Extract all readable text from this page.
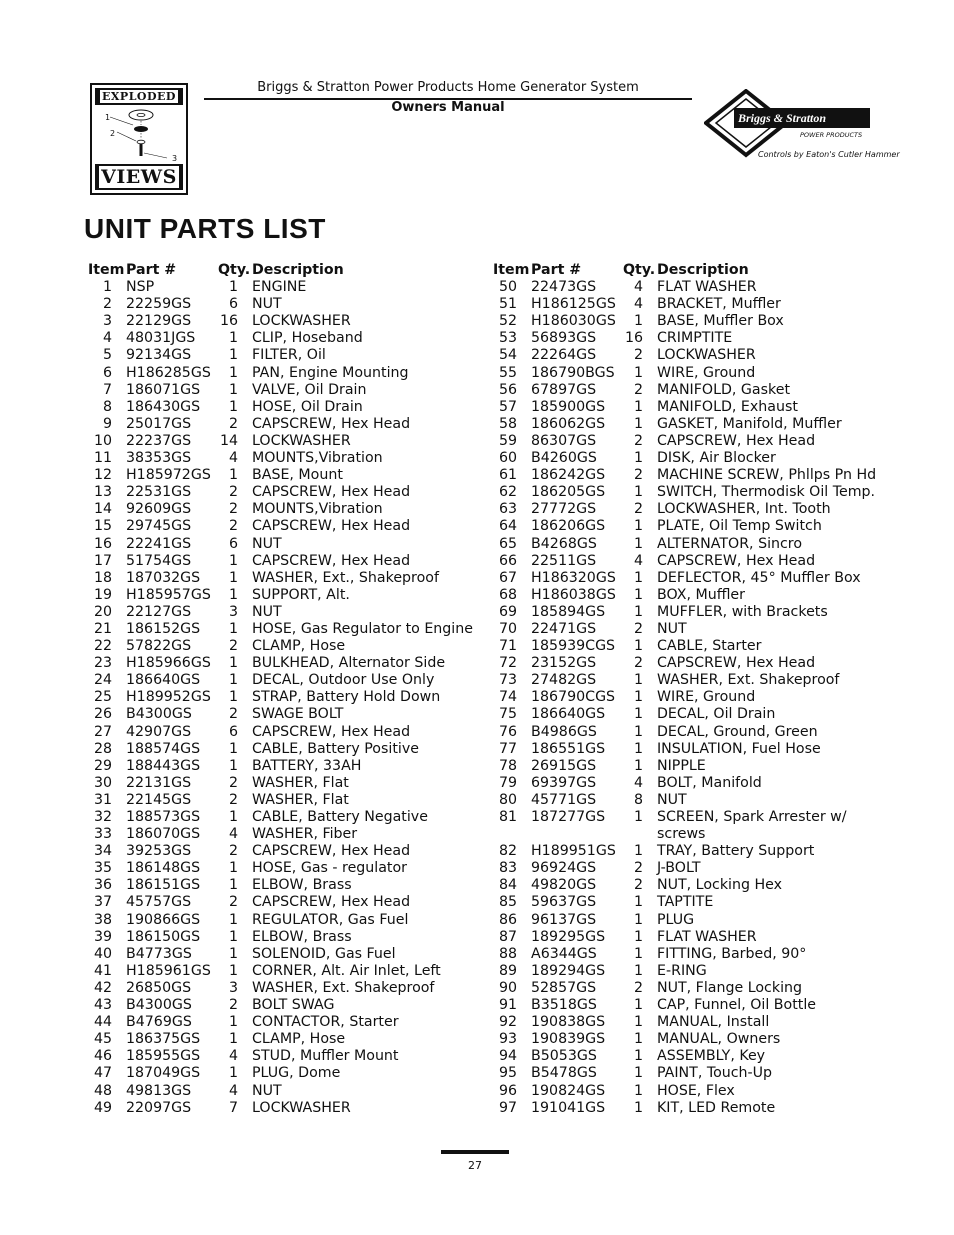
EXPLODED
1
2
3
VIEWS
Briggs & Stratton Power Products Home Generator System
Owners Manual
Briggs & Stratton
POWER PRODUCTS
Controls by Eaton's Cutler Hammer
UNIT PARTS LIST
Item Part #	Qty. Description
1 NSP	1 ENGINE
2 22259GS	6 NUT
3 22129GS	16 LOCKWASHER
4 48031JGS	1 CLIP, Hoseband
5 92134GS	1 FILTER, Oil
6 H186285GS	1 PAN, Engine Mounting
7 186071GS	1 VALVE, Oil Drain
8 186430GS	1 HOSE, Oil Drain
9 25017GS	2 CAPSCREW, Hex Head
10 22237GS	14 LOCKWASHER
11 38353GS	4 MOUNTS,Vibration
12 H185972GS	1 BASE, Mount
13 22531GS	2 CAPSCREW, Hex Head
14 92609GS	2 MOUNTS,Vibration
15 29745GS	2 CAPSCREW, Hex Head
16 22241GS	6 NUT
17 51754GS	1 CAPSCREW, Hex Head
18 187032GS	1 WASHER, Ext., Shakeproof
19 H185957GS	1 SUPPORT, Alt.
20 22127GS	3 NUT
21 186152GS	1 HOSE, Gas Regulator to Engine
22 57822GS	2 CLAMP, Hose
23 H185966GS	1 BULKHEAD, Alternator Side
24 186640GS	1 DECAL, Outdoor Use Only
25 H189952GS	1 STRAP, Battery Hold Down
26 B4300GS	2 SWAGE BOLT
27 42907GS	6 CAPSCREW, Hex Head
28 188574GS	1 CABLE, Battery Positive
29 188443GS	1 BATTERY, 33AH
30 22131GS	2 WASHER, Flat
31 22145GS	2 WASHER, Flat
32 188573GS	1 CABLE, Battery Negative
33 186070GS	4 WASHER, Fiber
34 39253GS	2 CAPSCREW, Hex Head
35 186148GS	1 HOSE, Gas - regulator
36 186151GS	1 ELBOW, Brass
37 45757GS	2 CAPSCREW, Hex Head
38 190866GS	1 REGULATOR, Gas Fuel
39 186150GS	1 ELBOW, Brass
40 B4773GS	1 SOLENOID, Gas Fuel
41 H185961GS	1 CORNER, Alt. Air Inlet, Left
42 26850GS	3 WASHER, Ext. Shakeproof
43 B4300GS	2 BOLT SWAG
44 B4769GS	1 CONTACTOR, Starter
45 186375GS	1 CLAMP, Hose
46 185955GS	4 STUD, Muffler Mount
47 187049GS	1 PLUG, Dome
48 49813GS	4 NUT
49 22097GS	7 LOCKWASHER
Item Part #	Qty. Description
50 22473GS	4 FLAT WASHER
51 H186125GS	4 BRACKET, Muffler
52 H186030GS	1 BASE, Muffler Box
53 56893GS	16 CRIMPTITE
54 22264GS	2 LOCKWASHER
55 186790BGS	1 WIRE, Ground
56 67897GS	2 MANIFOLD, Gasket
57 185900GS	1 MANIFOLD, Exhaust
58 186062GS	1 GASKET, Manifold, Muffler
59 86307GS	2 CAPSCREW, Hex Head
60 B4260GS	1 DISK, Air Blocker
61 186242GS	2 MACHINE SCREW, Phllps Pn Hd
62 186205GS	1 SWITCH, Thermodisk Oil Temp.
63 27772GS	2 LOCKWASHER, Int. Tooth
64 186206GS	1 PLATE, Oil Temp Switch
65 B4268GS	1 ALTERNATOR, Sincro
66 22511GS	4 CAPSCREW, Hex Head
67 H186320GS	1 DEFLECTOR, 45° Muffler Box
68 H186038GS	1 BOX, Muffler
69 185894GS	1 MUFFLER, with Brackets
70 22471GS	2 NUT
71 185939CGS	1 CABLE, Starter
72 23152GS	2 CAPSCREW, Hex Head
73 27482GS	1 WASHER, Ext. Shakeproof
74 186790CGS	1 WIRE, Ground
75 186640GS	1 DECAL, Oil Drain
76 B4986GS	1 DECAL, Ground, Green
77 186551GS	1 INSULATION, Fuel Hose
78 26915GS	1 NIPPLE
79 69397GS	4 BOLT, Manifold
80 45771GS	8 NUT
81 187277GS	1 SCREEN, Spark Arrester w/
screws
82 H189951GS	1 TRAY, Battery Support
83 96924GS	2 J-BOLT
84 49820GS	2 NUT, Locking Hex
85 59637GS	1 TAPTITE
86 96137GS	1 PLUG
87 189295GS	1 FLAT WASHER
88 A6344GS	1 FITTING, Barbed, 90°
89 189294GS	1 E-RING
90 52857GS	2 NUT, Flange Locking
91 B3518GS	1 CAP, Funnel, Oil Bottle
92 190838GS	1 MANUAL, Install
93 190839GS	1 MANUAL, Owners
94 B5053GS	1 ASSEMBLY, Key
95 B5478GS	1 PAINT, Touch-Up
96 190824GS	1 HOSE, Flex
97 191041GS	1 KIT, LED Remote
27
